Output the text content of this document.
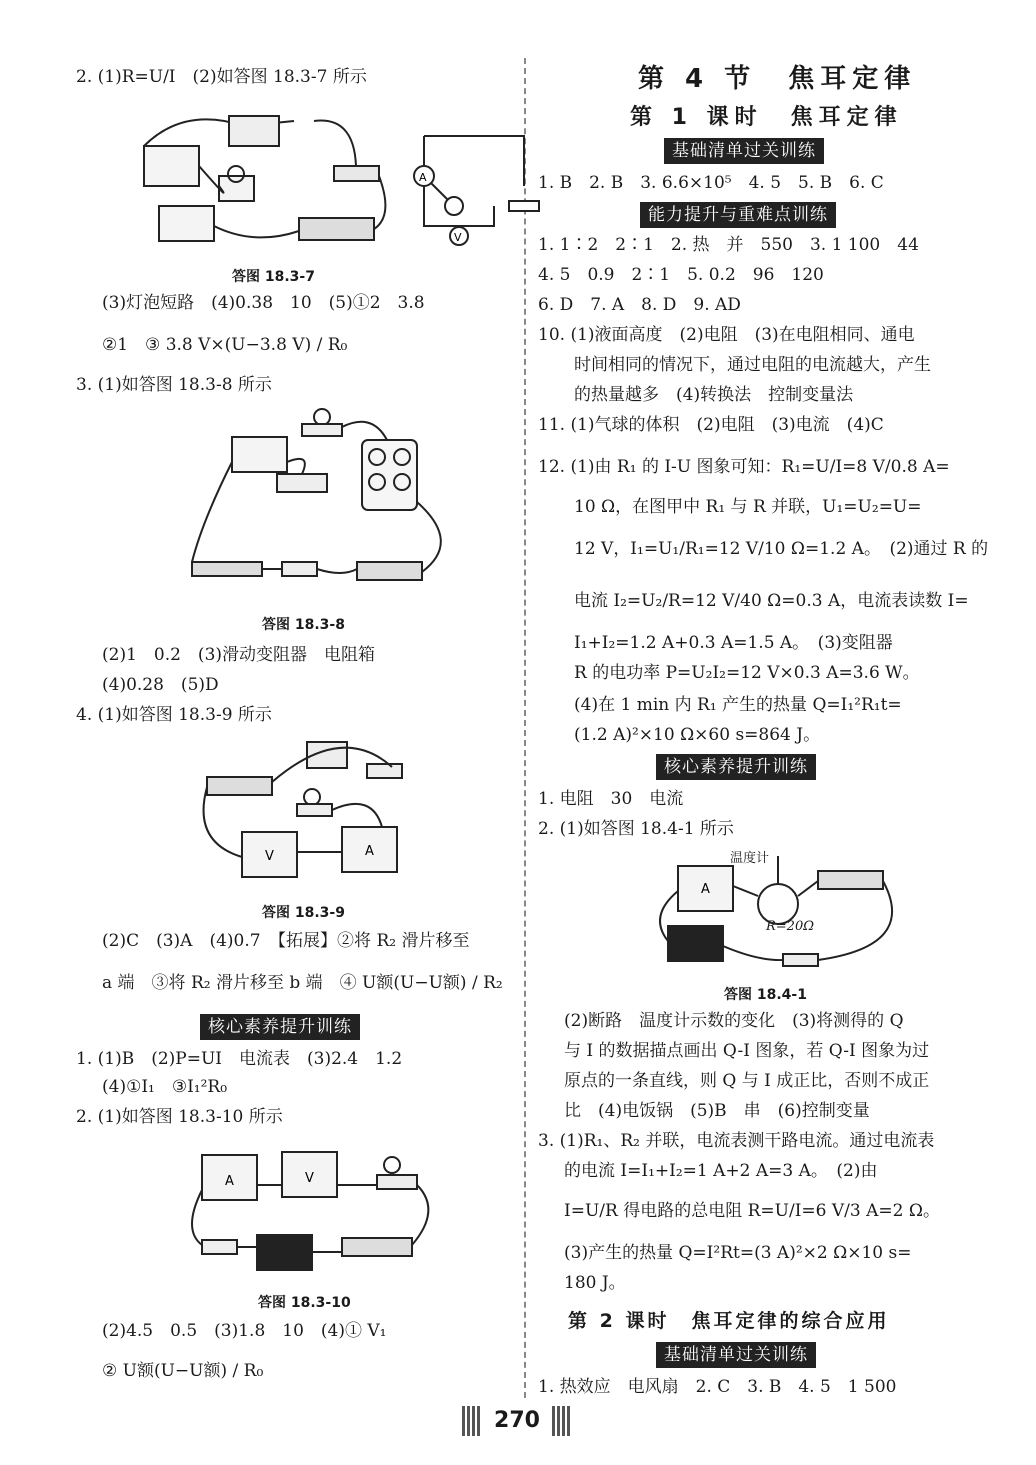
2. (1)R=U/I　(2)如答图 18.3-7 所示
A
V
答图 18.3-7
(3)灯泡短路　(4)0.38　10　(5)①2　3.8
②1　③ 3.8 V×(U−3.8 V) / R₀
3. (1)如答图 18.3-8 所示
答图 18.3-8
(2)1　0.2　(3)滑动变阻器　电阻箱
(4)0.28　(5)D
4. (1)如答图 18.3-9 所示
V	A
答图 18.3-9
(2)C　(3)A　(4)0.7　【拓展】②将 R₂ 滑片移至
a 端　③将 R₂ 滑片移至 b 端　④ U额(U−U额) / R₂
核心素养提升训练
1. (1)B　(2)P=UI　电流表　(3)2.4　1.2
(4)①I₁　③I₁²R₀
2. (1)如答图 18.3-10 所示
A	V
答图 18.3-10
(2)4.5　0.5　(3)1.8　10　(4)① V₁
② U额(U−U额) / R₀
第 4 节　焦耳定律
第 1 课时　焦耳定律
基础清单过关训练
1. B　2. B　3. 6.6×10⁵　4. 5　5. B　6. C
能力提升与重难点训练
1. 1∶2　2∶1　2. 热　并　550　3. 1 100　44
4. 5　0.9　2∶1　5. 0.2　96　120
6. D　7. A　8. D　9. AD
10. (1)液面高度　(2)电阻　(3)在电阻相同、通电
时间相同的情况下，通过电阻的电流越大，产生
的热量越多　(4)转换法　控制变量法
11. (1)气球的体积　(2)电阻　(3)电流　(4)C
12. (1)由 R₁ 的 I-U 图象可知：R₁=U/I=8 V/0.8 A=
10 Ω，在图甲中 R₁ 与 R 并联，U₁=U₂=U=
12 V，I₁=U₁/R₁=12 V/10 Ω=1.2 A。　(2)通过 R 的
电流 I₂=U₂/R=12 V/40 Ω=0.3 A，电流表读数 I=
I₁+I₂=1.2 A+0.3 A=1.5 A。　(3)变阻器
R 的电功率 P=U₂I₂=12 V×0.3 A=3.6 W。
(4)在 1 min 内 R₁ 产生的热量 Q=I₁²R₁t=
(1.2 A)²×10 Ω×60 s=864 J。
核心素养提升训练
1. 电阻　30　电流
2. (1)如答图 18.4-1 所示
A
温度计
R=20Ω
答图 18.4-1
(2)断路　温度计示数的变化　(3)将测得的 Q
与 I 的数据描点画出 Q-I 图象，若 Q-I 图象为过
原点的一条直线，则 Q 与 I 成正比，否则不成正
比　(4)电饭锅　(5)B　串　(6)控制变量
3. (1)R₁、R₂ 并联，电流表测干路电流。通过电流表
的电流 I=I₁+I₂=1 A+2 A=3 A。　(2)由
I=U/R 得电路的总电阻 R=U/I=6 V/3 A=2 Ω。
(3)产生的热量 Q=I²Rt=(3 A)²×2 Ω×10 s=
180 J。
第 2 课时　焦耳定律的综合应用
基础清单过关训练
1. 热效应　电风扇　2. C　3. B　4. 5　1 500
270
